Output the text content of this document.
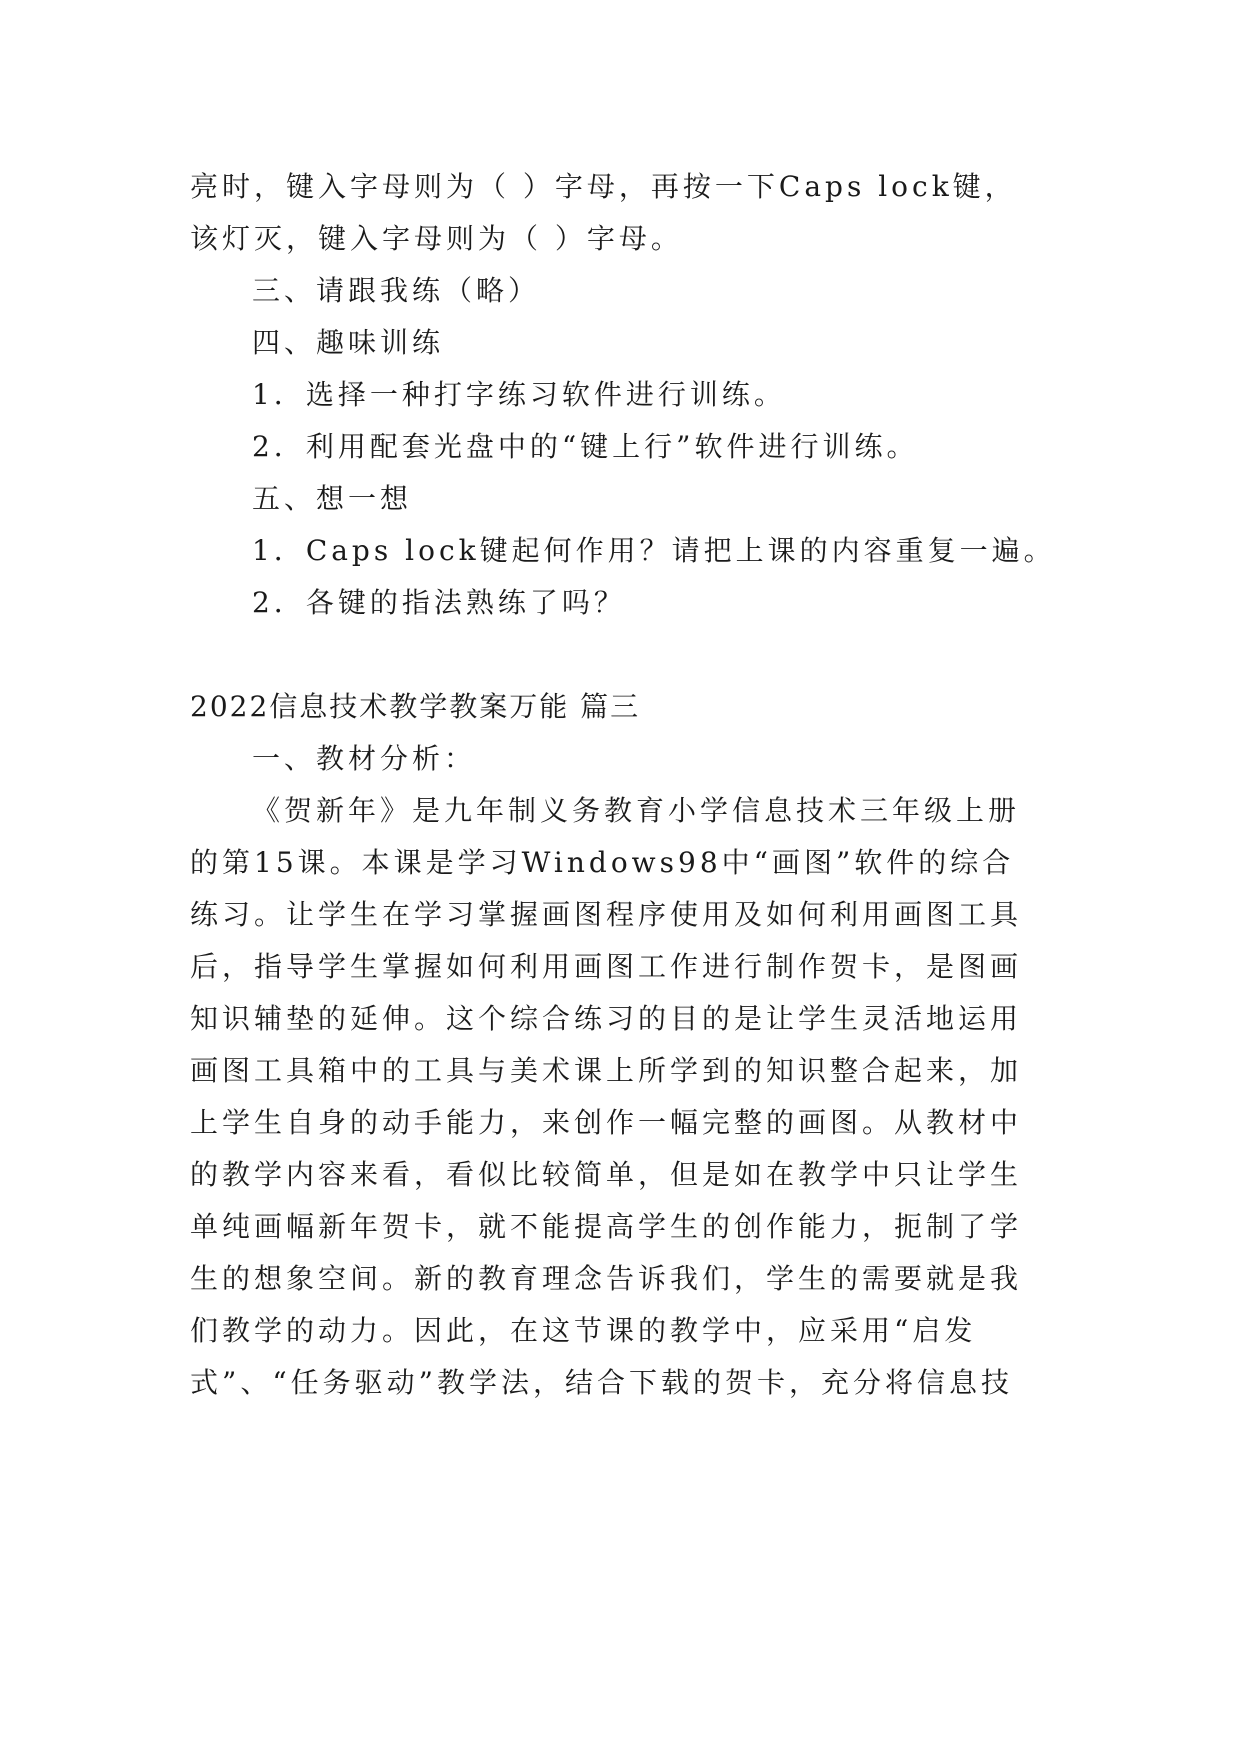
亮时，键入字母则为（ ）字母，再按一下Caps lock键，
该灯灭，键入字母则为（ ）字母。
三、请跟我练（略）
四、趣味训练
1．选择一种打字练习软件进行训练。
2．利用配套光盘中的“键上行”软件进行训练。
五、想一想
1．Caps lock键起何作用？请把上课的内容重复一遍。
2．各键的指法熟练了吗？
2022信息技术教学教案万能 篇三
一、教材分析：
《贺新年》是九年制义务教育小学信息技术三年级上册
的第15课。本课是学习Windows98中“画图”软件的综合
练习。让学生在学习掌握画图程序使用及如何利用画图工具
后，指导学生掌握如何利用画图工作进行制作贺卡，是图画
知识辅垫的延伸。这个综合练习的目的是让学生灵活地运用
画图工具箱中的工具与美术课上所学到的知识整合起来，加
上学生自身的动手能力，来创作一幅完整的画图。从教材中
的教学内容来看，看似比较简单，但是如在教学中只让学生
单纯画幅新年贺卡，就不能提高学生的创作能力，扼制了学
生的想象空间。新的教育理念告诉我们，学生的需要就是我
们教学的动力。因此，在这节课的教学中，应采用“启发
式”、“任务驱动”教学法，结合下载的贺卡，充分将信息技
